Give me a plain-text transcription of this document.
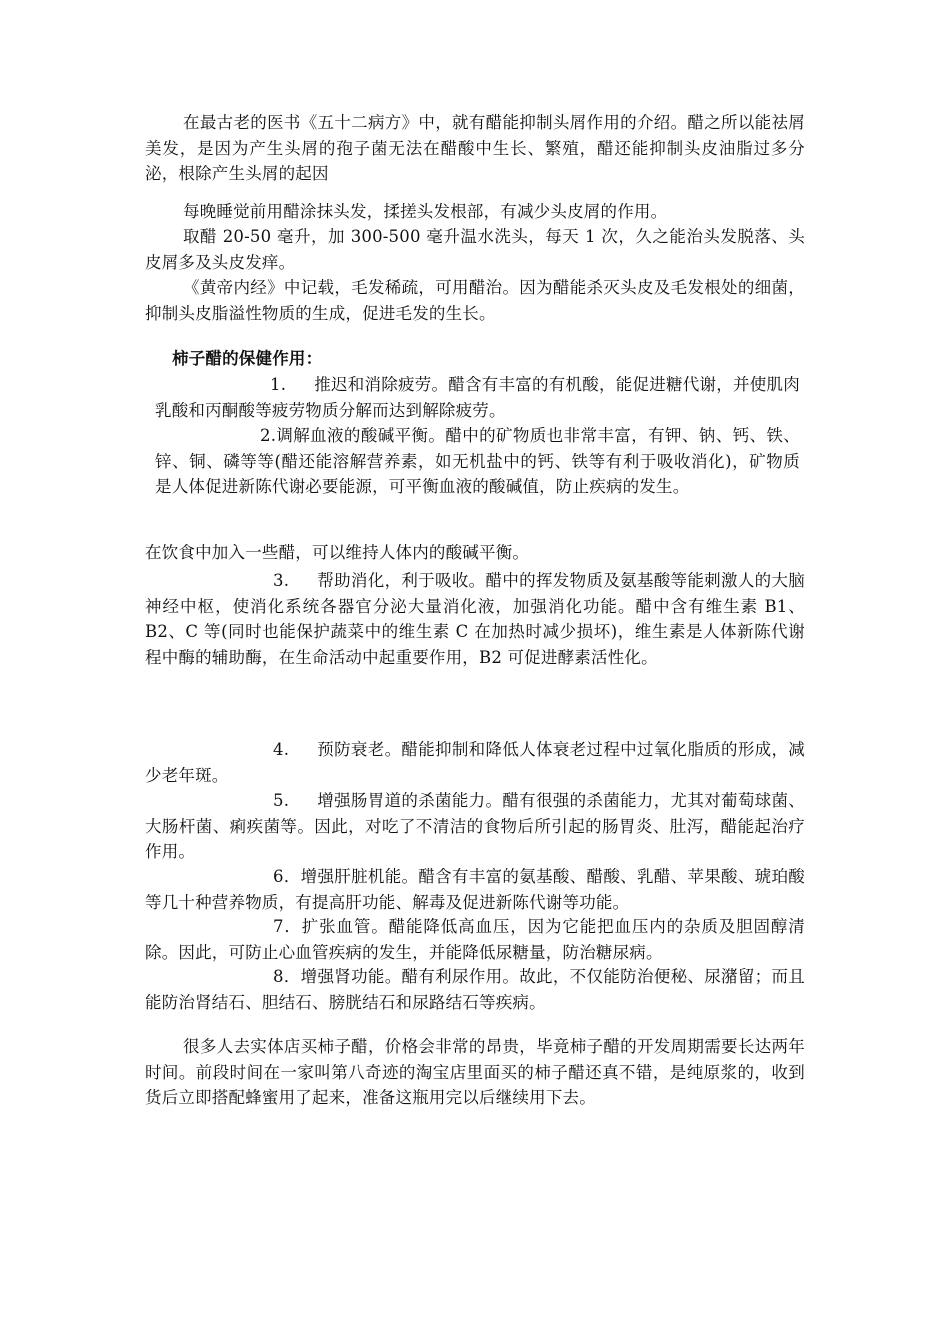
在最古老的医书《五十二病方》中，就有醋能抑制头屑作用的介绍。醋之所以能祛屑美发，是因为产生头屑的孢子菌无法在醋酸中生长、繁殖，醋还能抑制头皮油脂过多分泌，根除产生头屑的起因

每晚睡觉前用醋涂抹头发，揉搓头发根部，有减少头皮屑的作用。

取醋 20-50 毫升，加 300-500 毫升温水洗头，每天 1 次，久之能治头发脱落、头皮屑多及头皮发痒。

《黄帝内经》中记载，毛发稀疏，可用醋治。因为醋能杀灭头皮及毛发根处的细菌，抑制头皮脂溢性物质的生成，促进毛发的生长。

柿子醋的保健作用：

1. 推迟和消除疲劳。醋含有丰富的有机酸，能促进糖代谢，并使肌肉乳酸和丙酮酸等疲劳物质分解而达到解除疲劳。

2.调解血液的酸碱平衡。醋中的矿物质也非常丰富，有钾、钠、钙、铁、锌、铜、磷等等(醋还能溶解营养素，如无机盐中的钙、铁等有利于吸收消化)，矿物质是人体促进新陈代谢必要能源，可平衡血液的酸碱值，防止疾病的发生。

在饮食中加入一些醋，可以维持人体内的酸碱平衡。

3. 帮助消化，利于吸收。醋中的挥发物质及氨基酸等能刺激人的大脑神经中枢，使消化系统各器官分泌大量消化液，加强消化功能。醋中含有维生素 B1、B2、C 等(同时也能保护蔬菜中的维生素 C 在加热时减少损坏)，维生素是人体新陈代谢程中酶的辅助酶，在生命活动中起重要作用，B2 可促进酵素活性化。

4. 预防衰老。醋能抑制和降低人体衰老过程中过氧化脂质的形成，减少老年斑。

5. 增强肠胃道的杀菌能力。醋有很强的杀菌能力，尤其对葡萄球菌、大肠杆菌、痢疾菌等。因此，对吃了不清洁的食物后所引起的肠胃炎、肚泻，醋能起治疗作用。

6．增强肝脏机能。醋含有丰富的氨基酸、醋酸、乳醋、苹果酸、琥珀酸等几十种营养物质，有提高肝功能、解毒及促进新陈代谢等功能。

7．扩张血管。醋能降低高血压，因为它能把血压内的杂质及胆固醇清除。因此，可防止心血管疾病的发生，并能降低尿糖量，防治糖尿病。

8．增强肾功能。醋有利尿作用。故此，不仅能防治便秘、尿潴留；而且能防治肾结石、胆结石、膀胱结石和尿路结石等疾病。

很多人去实体店买柿子醋，价格会非常的昂贵，毕竟柿子醋的开发周期需要长达两年时间。前段时间在一家叫第八奇迹的淘宝店里面买的柿子醋还真不错，是纯原浆的，收到货后立即搭配蜂蜜用了起来，准备这瓶用完以后继续用下去。
